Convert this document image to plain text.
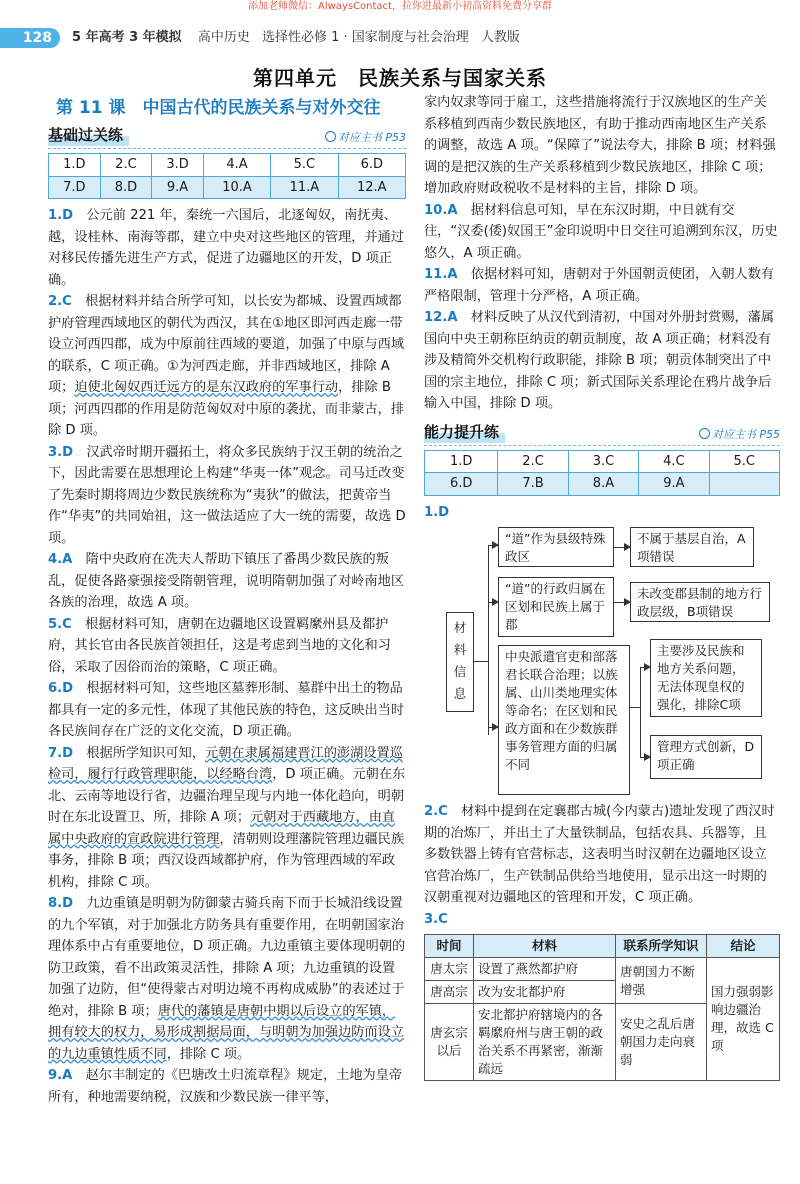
添加老师微信：AlwaysContact，拉你进最新小初高资料免费分享群
128	5 年高考 3 年模拟 高中历史 选择性必修 1 · 国家制度与社会治理 人教版
第四单元　民族关系与国家关系
第 11 课　中国古代的民族关系与对外交往
基础过关练	对应主书 P53
1.D	2.C	3.D	4.A	5.C	6.D
7.D	8.D	9.A	10.A	11.A	12.A

1.D　 公元前 221 年，秦统一六国后，北逐匈奴，南抚夷、越，设桂林、南海等郡，建立中央对这些地区的管理，并通过对移民传播先进生产方式，促进了边疆地区的开发，D 项正确。

2.C　 根据材料并结合所学可知，以长安为都城、设置西域都护府管理西域地区的朝代为西汉，其在①地区即河西走廊一带设立河西四郡，成为中原前往西域的要道，加强了中原与西域的联系，C 项正确。①为河西走廊，并非西域地区，排除 A 项；迫使北匈奴西迁远方的是东汉政府的军事行动，排除 B 项；河西四郡的作用是防范匈奴对中原的袭扰，而非蒙古，排除 D 项。

3.D　 汉武帝时期开疆拓土，将众多民族纳于汉王朝的统治之下，因此需要在思想理论上构建“华夷一体”观念。司马迁改变了先秦时期将周边少数民族统称为“夷狄”的做法，把黄帝当作“华夷”的共同始祖，这一做法适应了大一统的需要，故选 D 项。

4.A　 隋中央政府在冼夫人帮助下镇压了番禺少数民族的叛乱，促使各路豪强接受隋朝管理，说明隋朝加强了对岭南地区各族的治理，故选 A 项。

5.C　 根据材料可知，唐朝在边疆地区设置羁縻州县及都护府，其长官由各民族首领担任，这是考虑到当地的文化和习俗，采取了因俗而治的策略，C 项正确。

6.D　 根据材料可知，这些地区墓葬形制、墓群中出土的物品都具有一定的多元性，体现了其他民族的特色，这反映出当时各民族间存在广泛的文化交流，D 项正确。

7.D　 根据所学知识可知，元朝在隶属福建晋江的澎湖设置巡检司，履行行政管理职能，以经略台湾，D 项正确。元朝在东北、云南等地设行省，边疆治理呈现与内地一体化趋向，明朝时在东北设置卫、所，排除 A 项；元朝对于西藏地方，由直属中央政府的宣政院进行管理，清朝则设理藩院管理边疆民族事务，排除 B 项；西汉设西域都护府，作为管理西域的军政机构，排除 C 项。

8.D　 九边重镇是明朝为防御蒙古骑兵南下而于长城沿线设置的九个军镇，对于加强北方防务具有重要作用，在明朝国家治理体系中占有重要地位，D 项正确。九边重镇主要体现明朝的防卫政策，看不出政策灵活性，排除 A 项；九边重镇的设置加强了边防，但“使得蒙古对明边境不再构成威胁”的表述过于绝对，排除 B 项；唐代的藩镇是唐朝中期以后设立的军镇，拥有较大的权力，易形成割据局面，与明朝为加强边防而设立的九边重镇性质不同，排除 C 项。

9.A　 赵尔丰制定的《巴塘改土归流章程》规定，土地为皇帝所有，种地需要纳税，汉族和少数民族一律平等，

家内奴隶等同于雇工，这些措施将流行于汉族地区的生产关系移植到西南少数民族地区，有助于推动西南地区生产关系的调整，故选 A 项。“保障了”说法夸大，排除 B 项；材料强调的是把汉族的生产关系移植到少数民族地区，排除 C 项；增加政府财政税收不是材料的主旨，排除 D 项。

10.A　 据材料信息可知，早在东汉时期，中日就有交往，“汉委(倭)奴国王”金印说明中日交往可追溯到东汉，历史悠久，A 项正确。

11.A　 依据材料可知，唐朝对于外国朝贡使团，入朝人数有严格限制，管理十分严格，A 项正确。

12.A　 材料反映了从汉代到清初，中国对外册封赏赐，藩属国向中央王朝称臣纳贡的朝贡制度，故 A 项正确；材料没有涉及精简外交机构行政职能，排除 B 项；朝贡体制突出了中国的宗主地位，排除 C 项；新式国际关系理论在鸦片战争后输入中国，排除 D 项。

能力提升练	对应主书 P55
1.D	2.C	3.C	4.C	5.C
6.D	7.B	8.A	9.A	

1.D

材
料
信
息
“道”作为县级特殊政区
不属于基层自治，A项错误
“道”的行政归属在区划和民族上属于郡
未改变郡县制的地方行政层级，B项错误
中央派遣官吏和部落君长联合治理；以族属、山川类地理实体等命名；在区划和民政方面和在少数族群事务管理方面的归属不同
主要涉及民族和地方关系问题，无法体现皇权的强化，排除C项
管理方式创新，D项正确

2.C　 材料中提到在定襄郡古城(今内蒙古)遗址发现了西汉时期的冶炼厂，并出土了大量铁制品，包括农具、兵器等，且多数铁器上铸有官营标志，这表明当时汉朝在边疆地区设立官营冶炼厂，生产铁制品供给当地使用，显示出这一时期的汉朝重视对边疆地区的管理和开发，C 项正确。

3.C

时间	材料	联系所学知识	结论
唐太宗	设置了燕然都护府	唐朝国力不断增强	国力强弱影响边疆治理，故选 C 项
唐高宗	改为安北都护府		
唐玄宗以后	安北都护府辖境内的各羁縻府州与唐王朝的政治关系不再紧密，渐渐疏远	安史之乱后唐朝国力走向衰弱	
